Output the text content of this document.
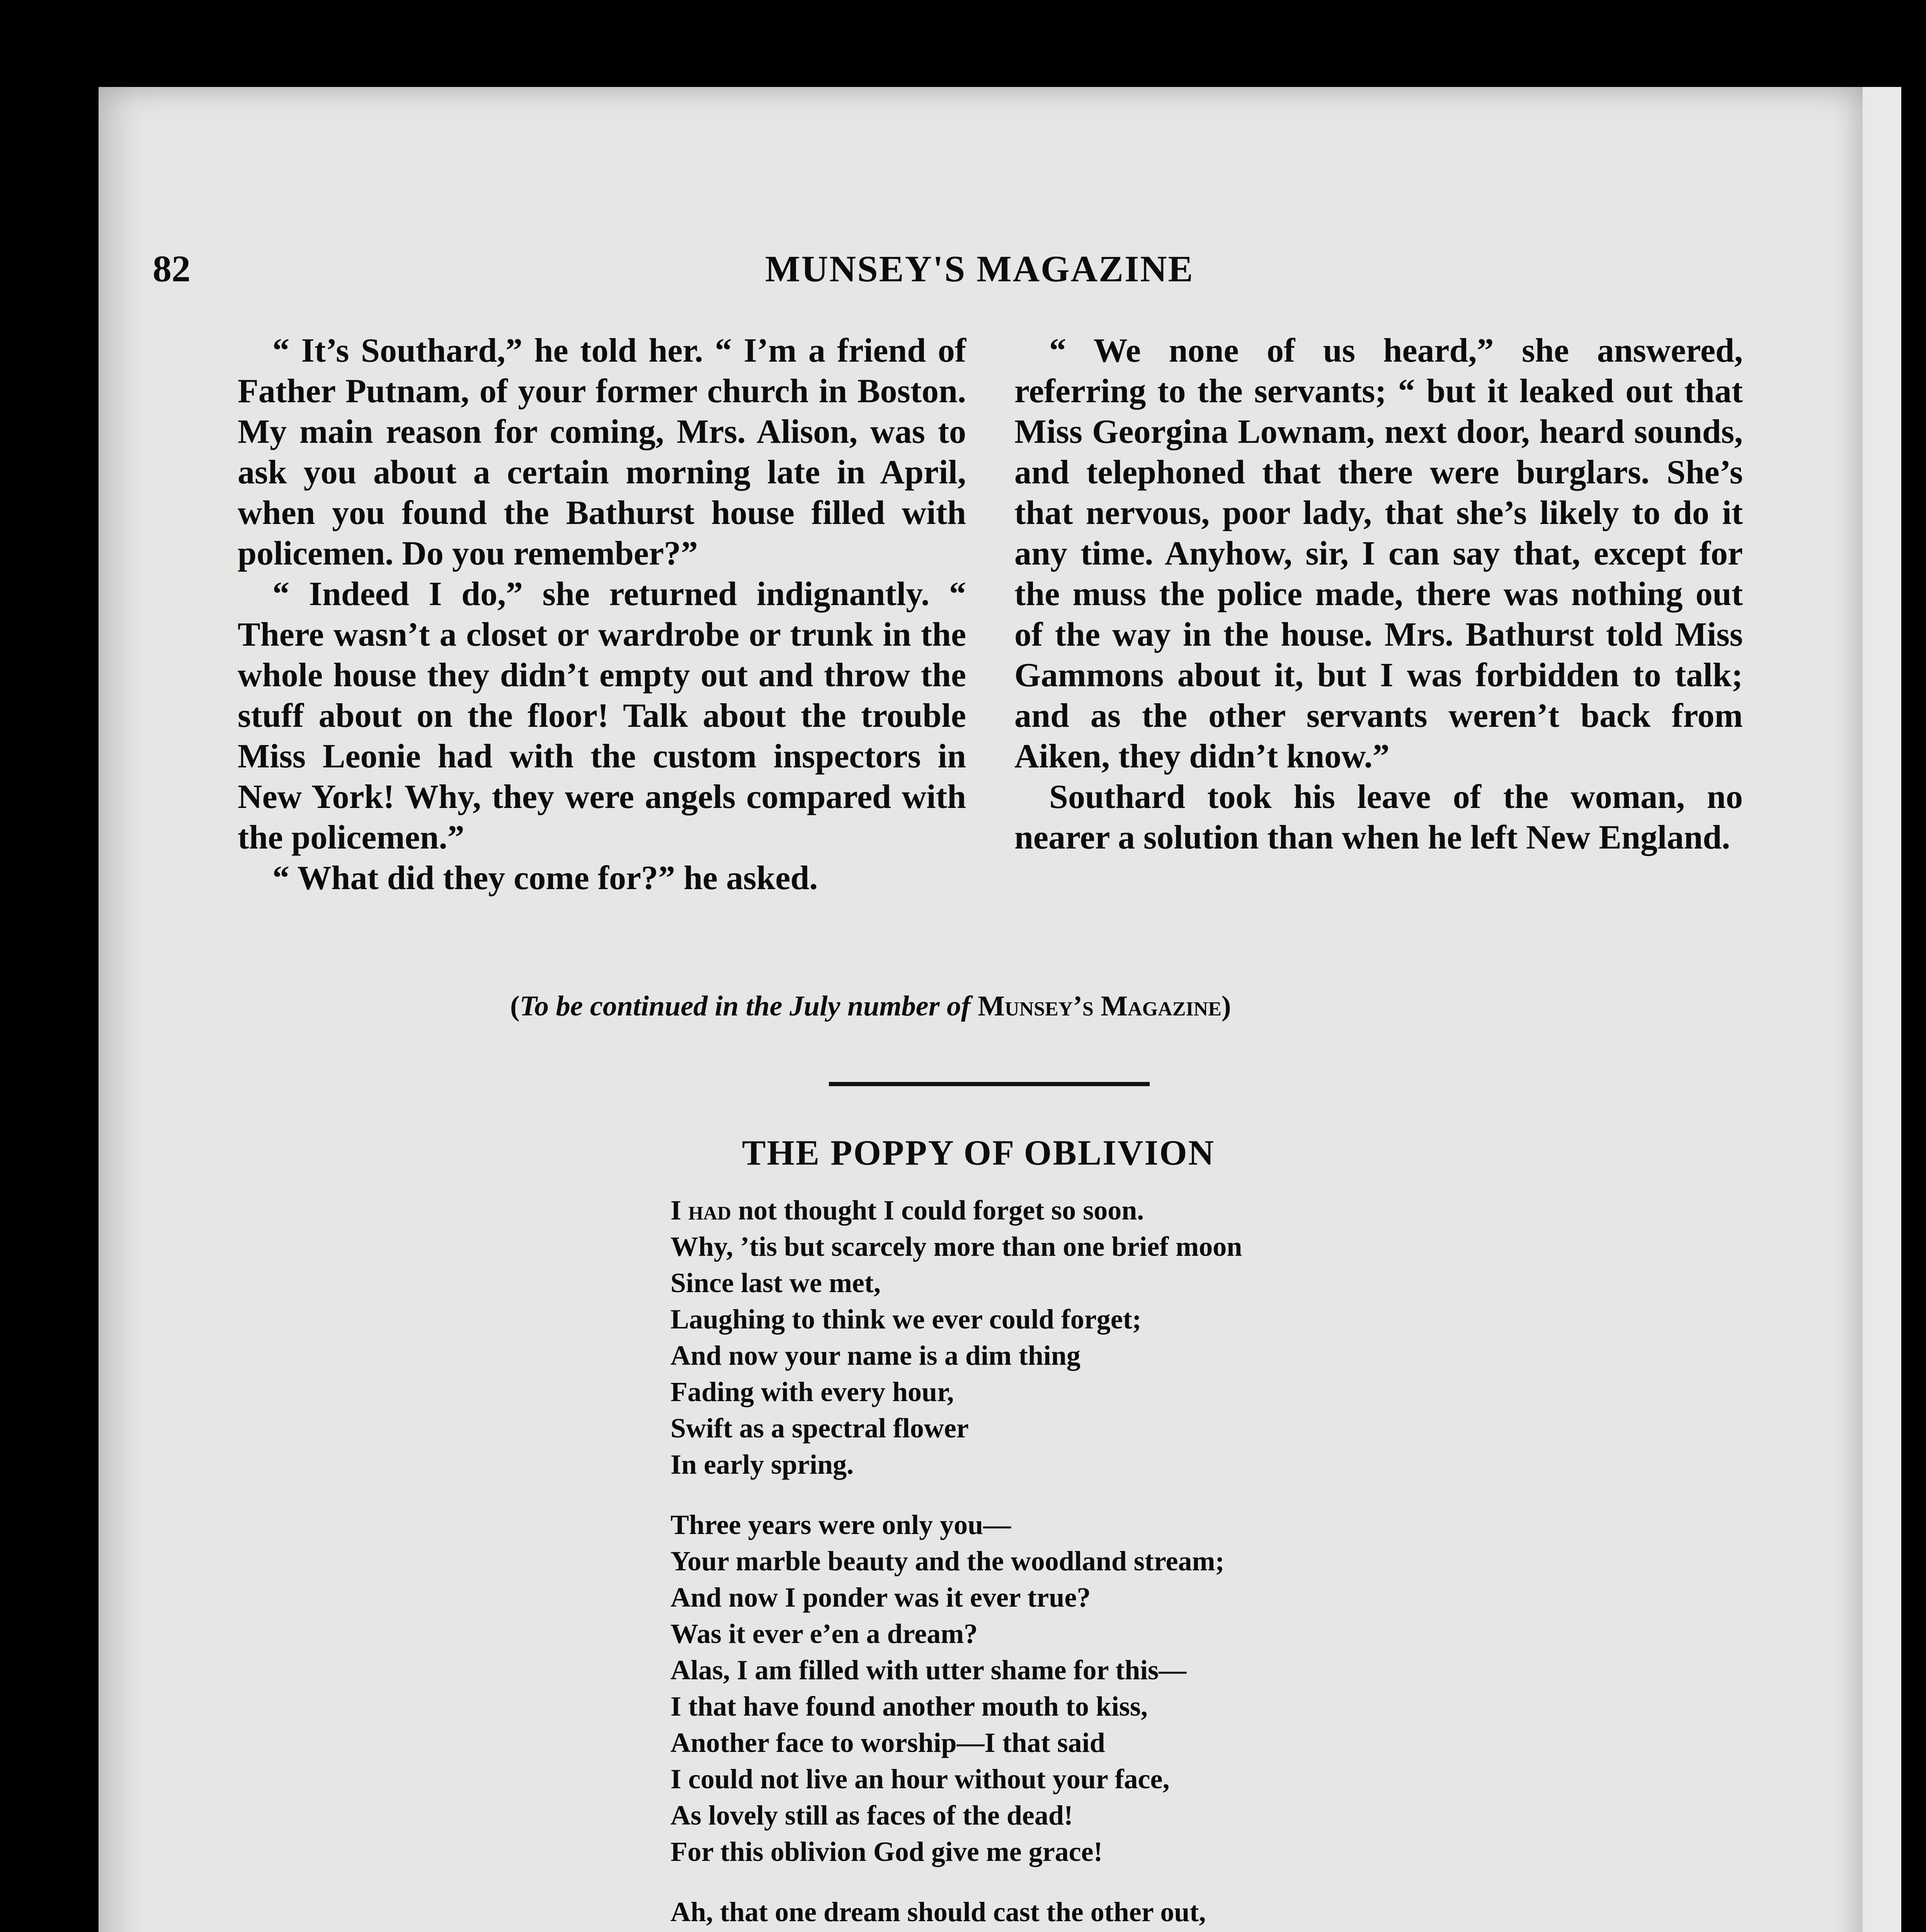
82	MUNSEY'S MAGAZINE

“ It’s Southard,” he told her. “ I’m a friend of Father Putnam, of your former church in Boston. My main reason for coming, Mrs. Alison, was to ask you about a certain morning late in April, when you found the Bathurst house filled with policemen. Do you remember?”

“ Indeed I do,” she returned indignantly. “ There wasn’t a closet or wardrobe or trunk in the whole house they didn’t empty out and throw the stuff about on the floor! Talk about the trouble Miss Leonie had with the custom inspectors in New York! Why, they were angels compared with the policemen.”

“ What did they come for?” he asked.

“ We none of us heard,” she answered, referring to the servants; “ but it leaked out that Miss Georgina Lownam, next door, heard sounds, and telephoned that there were burglars. She’s that nervous, poor lady, that she’s likely to do it any time. Anyhow, sir, I can say that, except for the muss the police made, there was nothing out of the way in the house. Mrs. Bathurst told Miss Gammons about it, but I was forbidden to talk; and as the other servants weren’t back from Aiken, they didn’t know.”

Southard took his leave of the woman, no nearer a solution than when he left New England.

(To be continued in the July number of Munsey’s Magazine)
THE POPPY OF OBLIVION
I had not thought I could forget so soon.
Why, ’tis but scarcely more than one brief moon
Since last we met,
Laughing to think we ever could forget;
And now your name is a dim thing
Fading with every hour,
Swift as a spectral flower
In early spring.
Three years were only you—
Your marble beauty and the woodland stream;
And now I ponder was it ever true?
Was it ever e’en a dream?
Alas, I am filled with utter shame for this—
I that have found another mouth to kiss,
Another face to worship—I that said
I could not live an hour without your face,
As lovely still as faces of the dead!
For this oblivion God give me grace!
Ah, that one dream should cast the other out,
